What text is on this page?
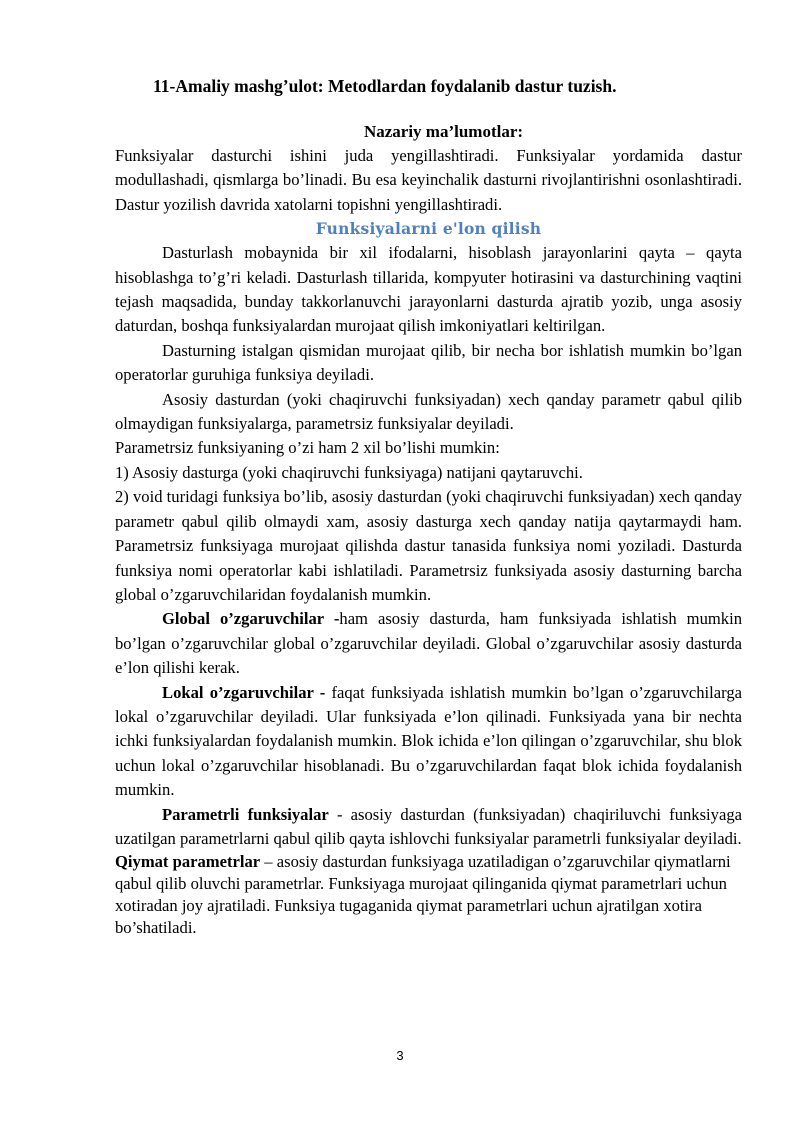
11-Amaliy mashg’ulot: Metodlardan foydalanib dastur tuzish.

Nazariy ma’lumotlar:

Funksiyalar dasturchi ishini juda yengillashtiradi. Funksiyalar yordamida dastur modullashadi, qismlarga bo’linadi. Bu esa keyinchalik dasturni rivojlantirishni osonlashtiradi. Dastur yozilish davrida xatolarni topishni yengillashtiradi.

Funksiyalarni e'lon qilish

Dasturlash mobaynida bir xil ifodalarni, hisoblash jarayonlarini qayta – qayta hisoblashga to’g’ri keladi. Dasturlash tillarida, kompyuter hotirasini va dasturchining vaqtini tejash maqsadida, bunday takkorlanuvchi jarayonlarni dasturda ajratib yozib, unga asosiy daturdan, boshqa funksiyalardan murojaat qilish imkoniyatlari keltirilgan.

Dasturning istalgan qismidan murojaat qilib, bir necha bor ishlatish mumkin bo’lgan operatorlar guruhiga funksiya deyiladi.

Asosiy dasturdan (yoki chaqiruvchi funksiyadan) xech qanday parametr qabul qilib olmaydigan funksiyalarga, parametrsiz funksiyalar deyiladi.

Parametrsiz funksiyaning o’zi ham 2 xil bo’lishi mumkin:

1) Asosiy dasturga (yoki chaqiruvchi funksiyaga) natijani qaytaruvchi.

2) void turidagi funksiya bo’lib, asosiy dasturdan (yoki chaqiruvchi funksiyadan) xech qanday parametr qabul qilib olmaydi xam, asosiy dasturga xech qanday natija qaytarmaydi ham. Parametrsiz funksiyaga murojaat qilishda dastur tanasida funksiya nomi yoziladi. Dasturda funksiya nomi operatorlar kabi ishlatiladi. Parametrsiz funksiyada asosiy dasturning barcha global o’zgaruvchilaridan foydalanish mumkin.

Global o’zgaruvchilar -ham asosiy dasturda, ham funksiyada ishlatish mumkin bo’lgan o’zgaruvchilar global o’zgaruvchilar deyiladi. Global o’zgaruvchilar asosiy dasturda e’lon qilishi kerak.

Lokal o’zgaruvchilar - faqat funksiyada ishlatish mumkin bo’lgan o’zgaruvchilarga lokal o’zgaruvchilar deyiladi. Ular funksiyada e’lon qilinadi. Funksiyada yana bir nechta ichki funksiyalardan foydalanish mumkin. Blok ichida e’lon qilingan o’zgaruvchilar, shu blok uchun lokal o’zgaruvchilar hisoblanadi. Bu o’zgaruvchilardan faqat blok ichida foydalanish mumkin.

Parametrli funksiyalar - asosiy dasturdan (funksiyadan) chaqiriluvchi funksiyaga uzatilgan parametrlarni qabul qilib qayta ishlovchi funksiyalar parametrli funksiyalar deyiladi.

Qiymat parametrlar – asosiy dasturdan funksiyaga uzatiladigan o’zgaruvchilar qiymatlarni qabul qilib oluvchi parametrlar. Funksiyaga murojaat qilinganida qiymat parametrlari uchun xotiradan joy ajratiladi. Funksiya tugaganida qiymat parametrlari uchun ajratilgan xotira bo’shatiladi.

3
